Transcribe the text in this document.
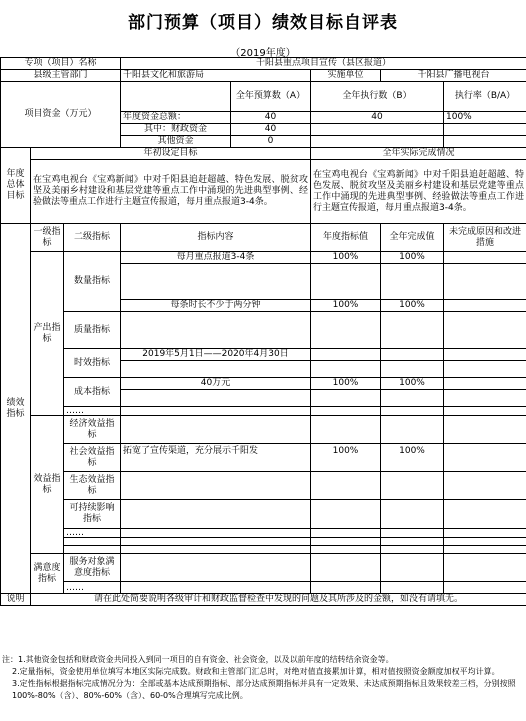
部门预算（项目）绩效目标自评表
（2019年度）
专项（项目）名称			千阳县重点项目宣传（县区报道）				
县级主管部门			千阳县文化和旅游局		实施单位	千阳县广播电视台	
项目资金（万元）				全年预算数（A）	全年执行数（B）		执行率（B/A）
			年度资金总额：	40	40		100%
			其中：财政资金	40			
			其他资金	0			
年度总体目标	年初设定目标				全年实际完成情况		
	在宝鸡电视台《宝鸡新闻》中对千阳县追赶超越、特色发展、脱贫攻坚及美丽乡村建设和基层党建等重点工作中涌现的先进典型事例、经验做法等重点工作进行主题宣传报道，每月重点报道3-4条。				在宝鸡电视台《宝鸡新闻》中对千阳县追赶超越、特色发展、脱贫攻坚及美丽乡村建设和基层党建等重点工作中涌现的先进典型事例、经验做法等重点工作进行主题宣传报道，每月重点报道3-4条。		
绩效指标	一级指标	二级指标	指标内容		年度指标值	全年完成值	未完成原因和改进措施
	产出指标	数量指标	每月重点报道3-4条		100%	100%	

			每条时长不少于两分钟		100%	100%	
		质量指标					
		时效指标	2019年5月1日——2020年4月30日				

		成本指标	40万元		100%	100%	

		……					
	效益指标	经济效益指标					
		社会效益指标	拓宽了宣传渠道，充分展示千阳发		100%	100%	
		生态效益指标					
		可持续影响指标					
		……					

	满意度指标	服务对象满意度指标					
		……					
说明	请在此处简要说明各级审计和财政监督检查中发现的问题及其所涉及的金额，如没有请填无。						
注：1.其他资金包括和财政资金共同投入到同一项目的自有资金、社会资金，以及以前年度的结转结余资金等。
2.定量指标，资金使用单位填写本地区实际完成数。财政和主管部门汇总时，对绝对值直接累加计算，相对值按照资金额度加权平均计算。
3.定性指标根据指标完成情况分为：全部或基本达成预期指标、部分达成预期指标并具有一定效果、未达成预期指标且效果较差三档，分别按照100%-80%（含）、80%-60%（含）、60-0%合理填写完成比例。
